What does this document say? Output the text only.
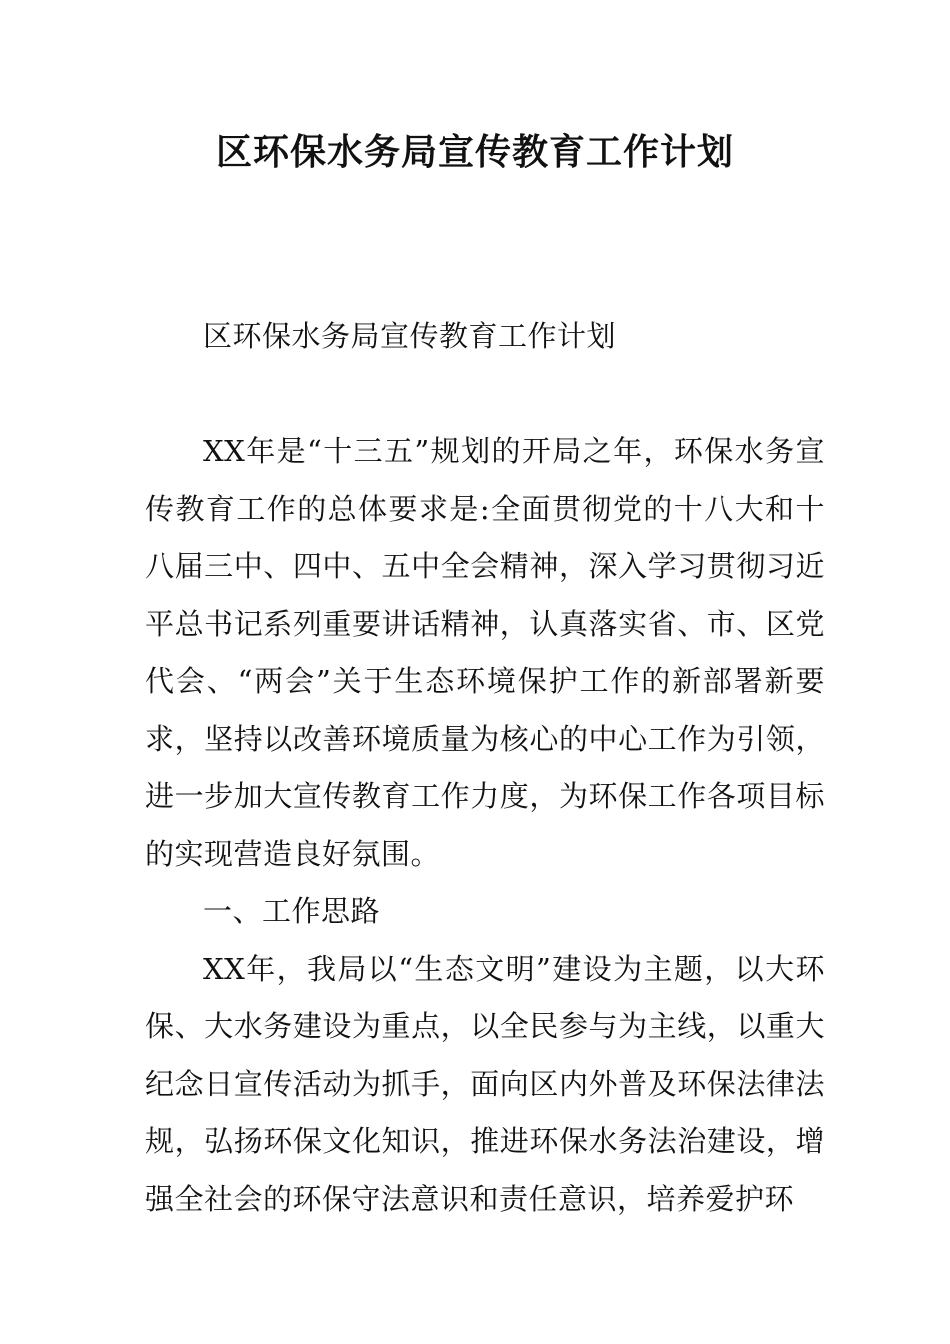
区环保水务局宣传教育工作计划

区环保水务局宣传教育工作计划

XX年是“十三五”规划的开局之年，环保水务宣传教育工作的总体要求是:全面贯彻党的十八大和十八届三中、四中、五中全会精神，深入学习贯彻习近平总书记系列重要讲话精神，认真落实省、市、区党代会、“两会”关于生态环境保护工作的新部署新要求，坚持以改善环境质量为核心的中心工作为引领，进一步加大宣传教育工作力度，为环保工作各项目标的实现营造良好氛围。

一、工作思路

XX年，我局以“生态文明”建设为主题，以大环保、大水务建设为重点，以全民参与为主线，以重大纪念日宣传活动为抓手，面向区内外普及环保法律法规，弘扬环保文化知识，推进环保水务法治建设，增强全社会的环保守法意识和责任意识，培养爱护环
